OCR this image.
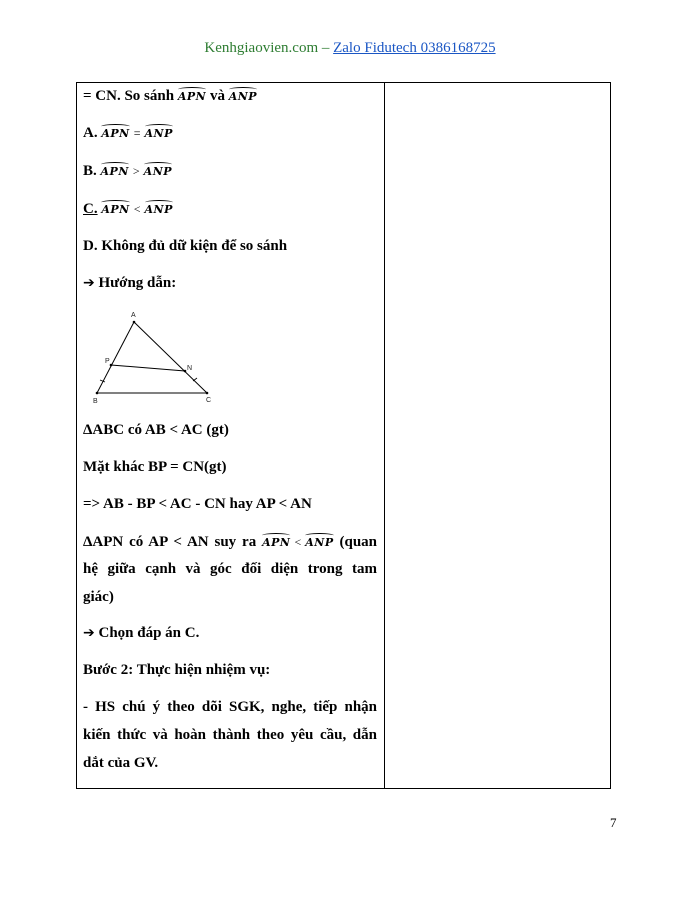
Kenhgiaovien.com – Zalo Fidutech 0386168725
= CN. So sánh APN và ANP
A. APN = ANP
B. APN > ANP
C. APN < ANP
D. Không đủ dữ kiện để so sánh
➔ Hướng dẫn:
A
B	C
P
N
ΔABC có AB < AC (gt)
Mặt khác BP = CN(gt)
=> AB - BP < AC - CN hay AP < AN
ΔAPN có AP < AN suy ra APN < ANP (quan
hệ giữa cạnh và góc đối diện trong tam
giác)
➔ Chọn đáp án C.
Bước 2: Thực hiện nhiệm vụ:
- HS chú ý theo dõi SGK, nghe, tiếp nhận
kiến thức và hoàn thành theo yêu cầu, dẫn
dắt của GV.
7
